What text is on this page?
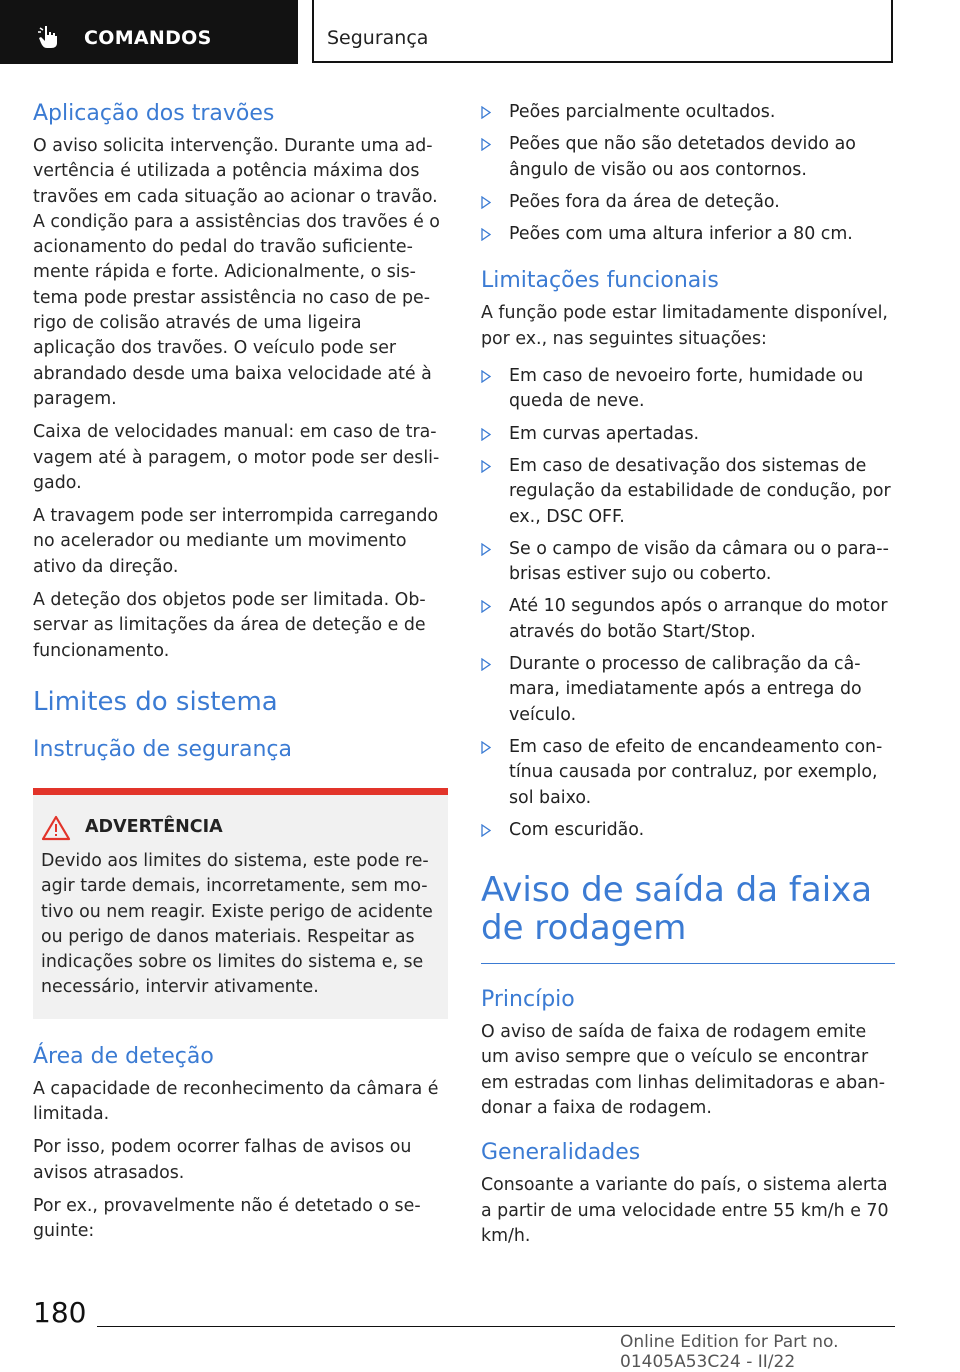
COMANDOS	Segurança
Aplicação dos travões

O aviso solicita intervenção. Durante uma ad-vertência é utilizada a potência máxima dos travões em cada situação ao acionar o travão. A condição para a assistências dos travões é o acionamento do pedal do travão suficiente-mente rápida e forte. Adicionalmente, o sis-tema pode prestar assistência no caso de pe-rigo de colisão através de uma ligeira aplicação dos travões. O veículo pode ser abrandado desde uma baixa velocidade até à paragem.

Caixa de velocidades manual: em caso de tra-vagem até à paragem, o motor pode ser desli-gado.

A travagem pode ser interrompida carregando no acelerador ou mediante um movimento ativo da direção.

A deteção dos objetos pode ser limitada. Ob-servar as limitações da área de deteção e de funcionamento.

Limites do sistema
Instrução de segurança
ADVERTÊNCIA
Devido aos limites do sistema, este pode re-agir tarde demais, incorretamente, sem mo-tivo ou nem reagir. Existe perigo de acidente ou perigo de danos materiais. Respeitar as indicações sobre os limites do sistema e, se necessário, intervir ativamente.
Área de deteção

A capacidade de reconhecimento da câmara é limitada.

Por isso, podem ocorrer falhas de avisos ou avisos atrasados.

Por ex., provavelmente não é detetado o se-guinte:

Peões parcialmente ocultados.
Peões que não são detetados devido ao ângulo de visão ou aos contornos.
Peões fora da área de deteção.
Peões com uma altura inferior a 80 cm.
Limitações funcionais

A função pode estar limitadamente disponível, por ex., nas seguintes situações:

Em caso de nevoeiro forte, humidade ou queda de neve.
Em curvas apertadas.
Em caso de desativação dos sistemas de regulação da estabilidade de condução, por ex., DSC OFF.
Se o campo de visão da câmara ou o para--brisas estiver sujo ou coberto.
Até 10 segundos após o arranque do motor através do botão Start/Stop.
Durante o processo de calibração da câ-mara, imediatamente após a entrega do veículo.
Em caso de efeito de encandeamento con-tínua causada por contraluz, por exemplo, sol baixo.
Com escuridão.
Aviso de saída da faixa de rodagem
Princípio

O aviso de saída de faixa de rodagem emite um aviso sempre que o veículo se encontrar em estradas com linhas delimitadoras e aban-donar a faixa de rodagem.

Generalidades

Consoante a variante do país, o sistema alerta a partir de uma velocidade entre 55 km/h e 70 km/h.

180
Online Edition for Part no. 01405A53C24 - II/22
